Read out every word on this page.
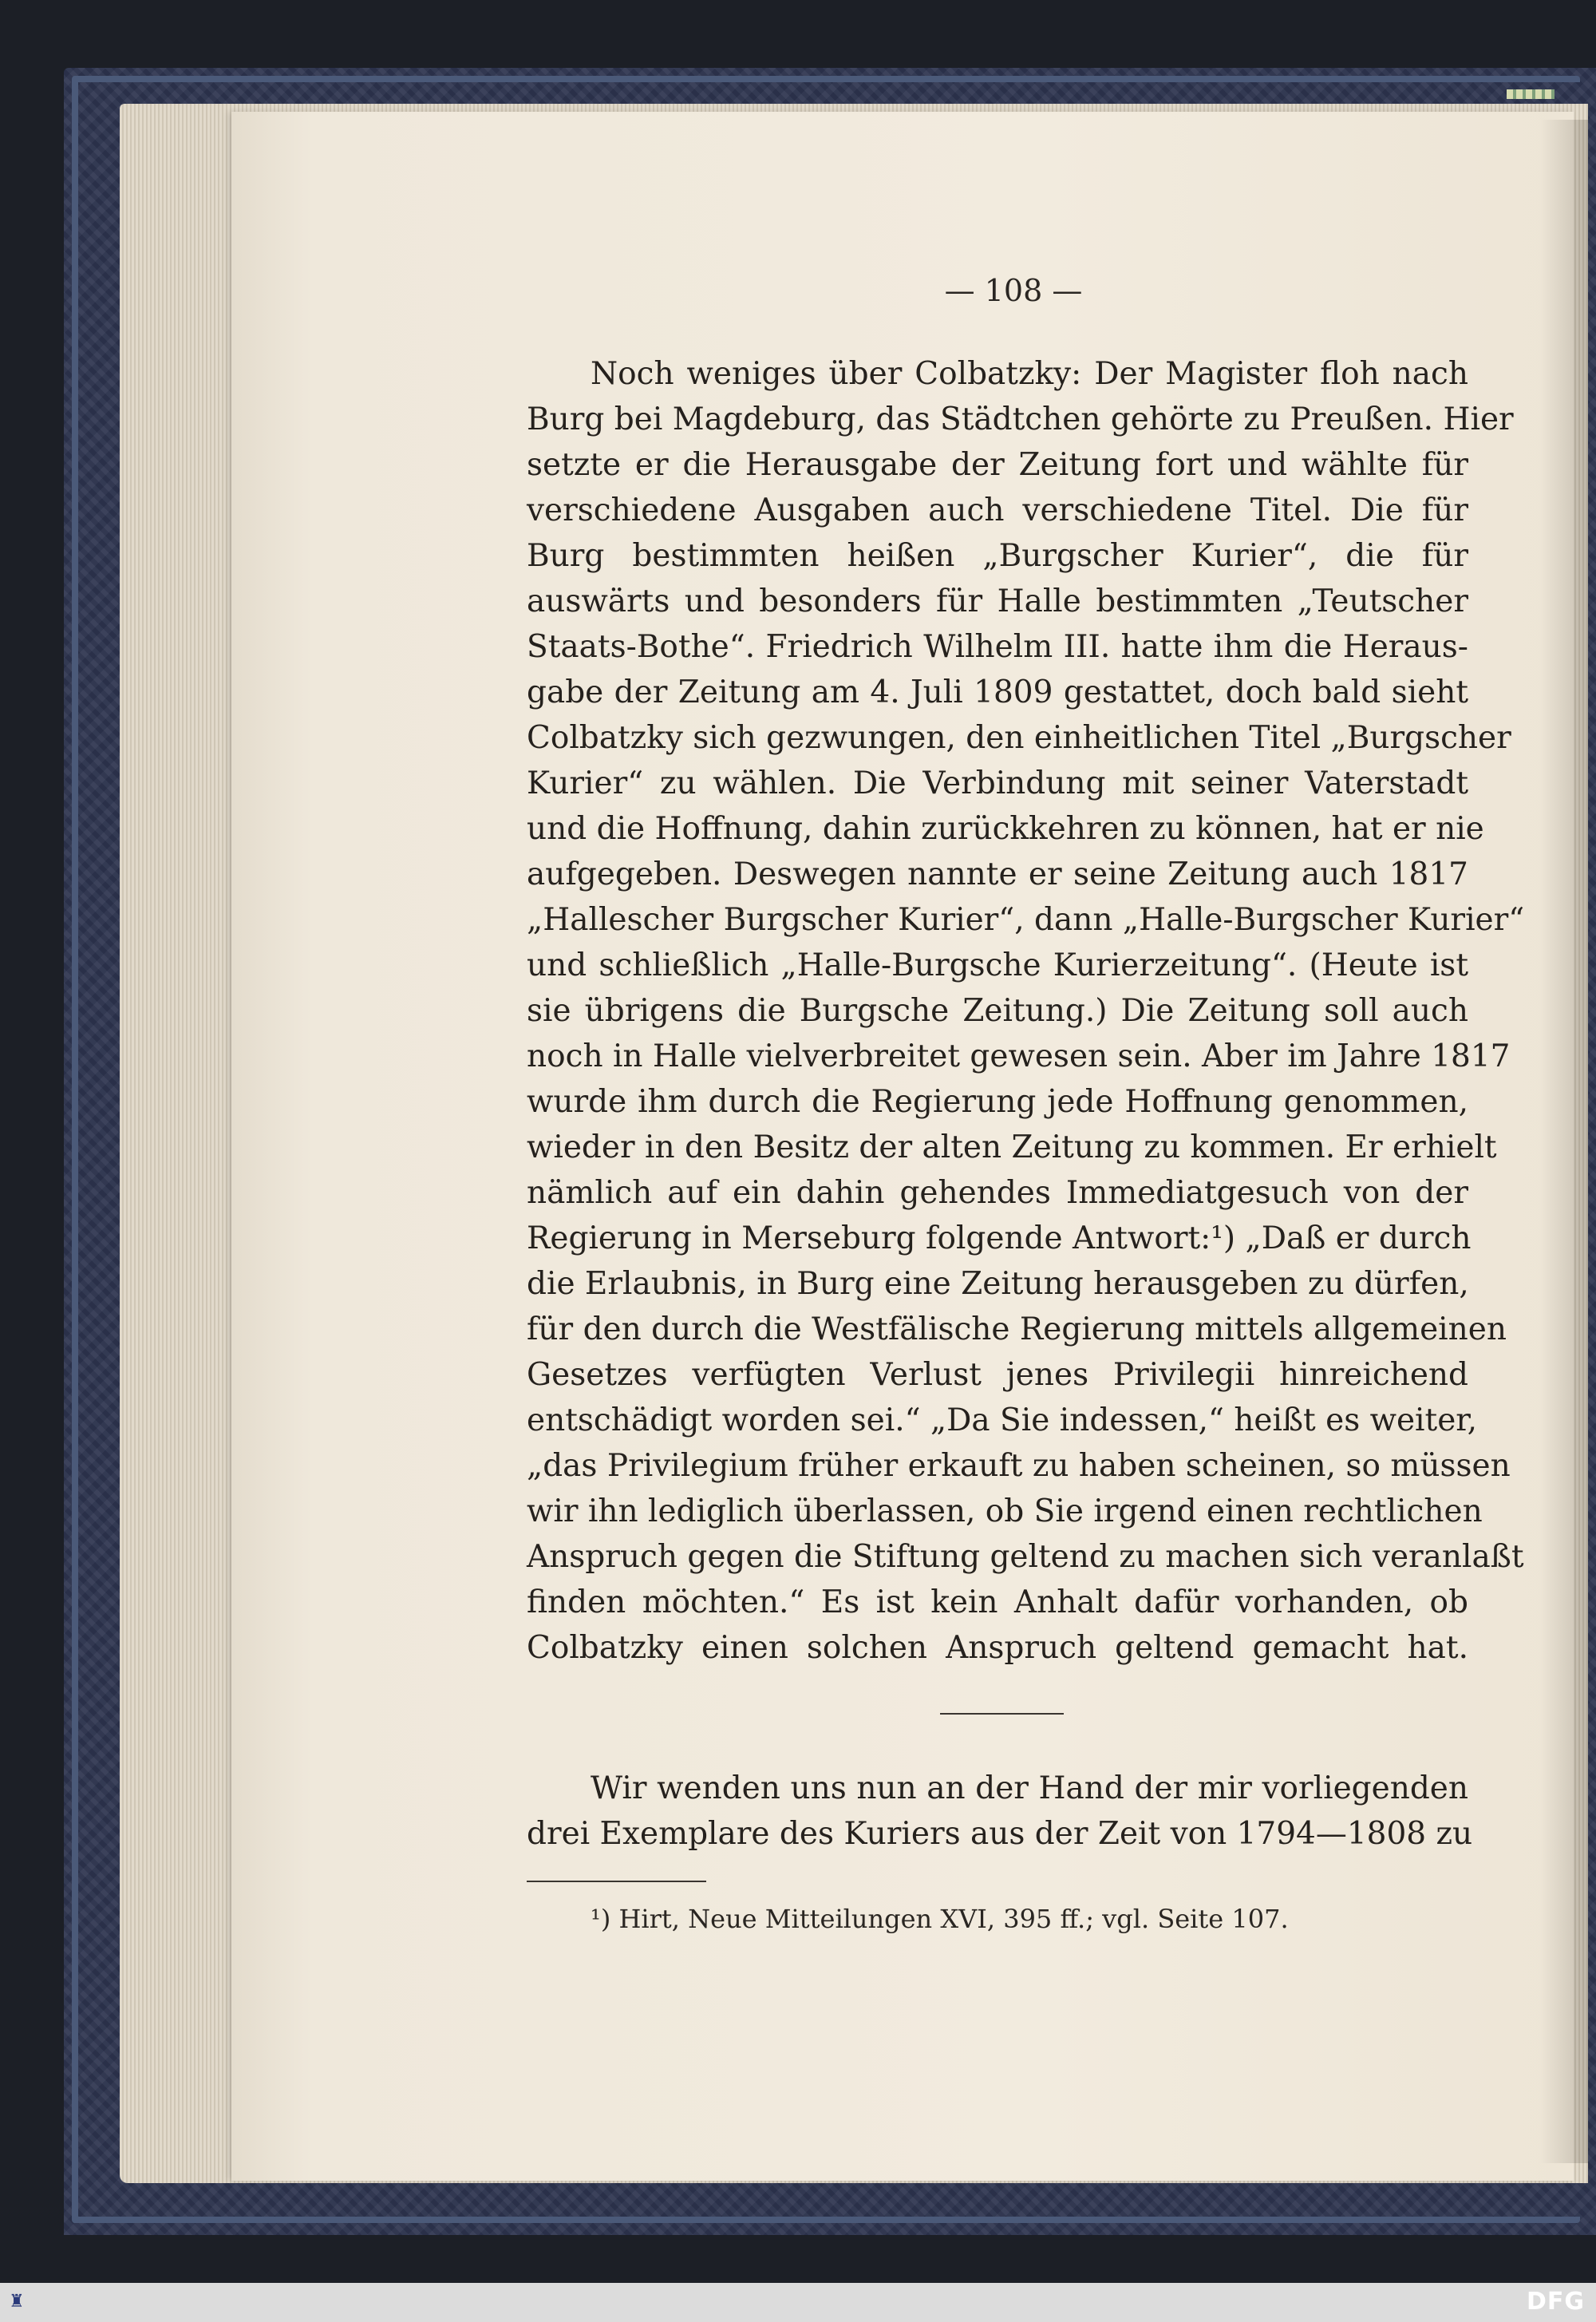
— 108 —
Noch weniges über Colbatzky: Der Magister floh nach
Burg bei Magdeburg, das Städtchen gehörte zu Preußen. Hier
setzte er die Herausgabe der Zeitung fort und wählte für
verschiedene Ausgaben auch verschiedene Titel. Die für
Burg bestimmten heißen „Burgscher Kurier“, die für
auswärts und besonders für Halle bestimmten „Teutscher
Staats-Bothe“. Friedrich Wilhelm III. hatte ihm die Heraus-
gabe der Zeitung am 4. Juli 1809 gestattet, doch bald sieht
Colbatzky sich gezwungen, den einheitlichen Titel „Burgscher
Kurier“ zu wählen. Die Verbindung mit seiner Vaterstadt
und die Hoffnung, dahin zurückkehren zu können, hat er nie
aufgegeben. Deswegen nannte er seine Zeitung auch 1817
„Hallescher Burgscher Kurier“, dann „Halle-Burgscher Kurier“
und schließlich „Halle-Burgsche Kurierzeitung“. (Heute ist
sie übrigens die Burgsche Zeitung.) Die Zeitung soll auch
noch in Halle vielverbreitet gewesen sein. Aber im Jahre 1817
wurde ihm durch die Regierung jede Hoffnung genommen,
wieder in den Besitz der alten Zeitung zu kommen. Er erhielt
nämlich auf ein dahin gehendes Immediatgesuch von der
Regierung in Merseburg folgende Antwort:¹) „Daß er durch
die Erlaubnis, in Burg eine Zeitung herausgeben zu dürfen,
für den durch die Westfälische Regierung mittels allgemeinen
Gesetzes verfügten Verlust jenes Privilegii hinreichend
entschädigt worden sei.“ „Da Sie indessen,“ heißt es weiter,
„das Privilegium früher erkauft zu haben scheinen, so müssen
wir ihn lediglich überlassen, ob Sie irgend einen rechtlichen
Anspruch gegen die Stiftung geltend zu machen sich veranlaßt
finden möchten.“ Es ist kein Anhalt dafür vorhanden, ob
Colbatzky einen solchen Anspruch geltend gemacht hat.
Wir wenden uns nun an der Hand der mir vorliegenden
drei Exemplare des Kuriers aus der Zeit von 1794—1808 zu
¹) Hirt, Neue Mitteilungen XVI, 395 ff.; vgl. Seite 107.
♜	DFG
